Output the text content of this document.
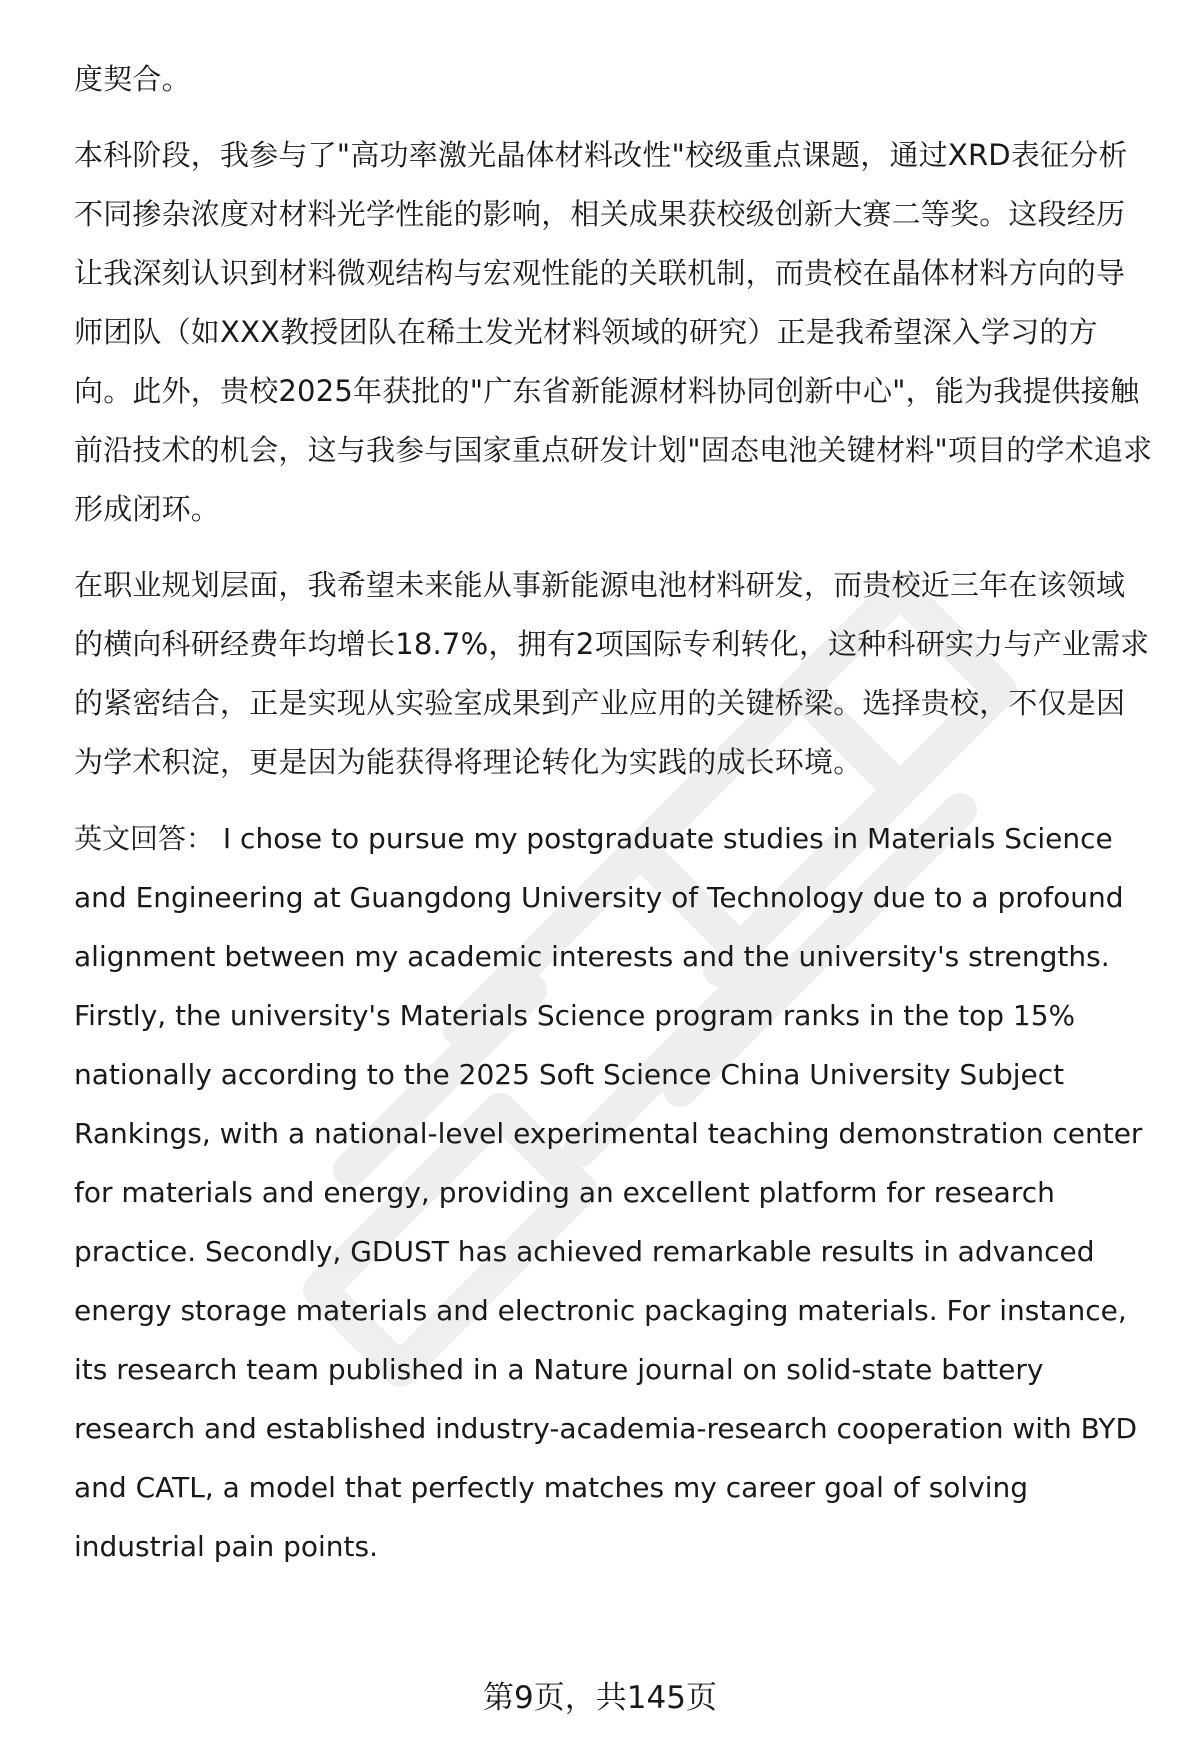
度契合。

本科阶段，我参与了"高功率激光晶体材料改性"校级重点课题，通过XRD表征分析不同掺杂浓度对材料光学性能的影响，相关成果获校级创新大赛二等奖。这段经历让我深刻认识到材料微观结构与宏观性能的关联机制，而贵校在晶体材料方向的导师团队（如XXX教授团队在稀土发光材料领域的研究）正是我希望深入学习的方向。此外，贵校2025年获批的"广东省新能源材料协同创新中心"，能为我提供接触前沿技术的机会，这与我参与国家重点研发计划"固态电池关键材料"项目的学术追求形成闭环。

在职业规划层面，我希望未来能从事新能源电池材料研发，而贵校近三年在该领域的横向科研经费年均增长18.7%，拥有2项国际专利转化，这种科研实力与产业需求的紧密结合，正是实现从实验室成果到产业应用的关键桥梁。选择贵校，不仅是因为学术积淀，更是因为能获得将理论转化为实践的成长环境。

英文回答： I chose to pursue my postgraduate studies in Materials Science and Engineering at Guangdong University of Technology due to a profound alignment between my academic interests and the university's strengths. Firstly, the university's Materials Science program ranks in the top 15% nationally according to the 2025 Soft Science China University Subject Rankings, with a national-level experimental teaching demonstration center for materials and energy, providing an excellent platform for research practice. Secondly, GDUST has achieved remarkable results in advanced energy storage materials and electronic packaging materials. For instance, its research team published in a Nature journal on solid-state battery research and established industry-academia-research cooperation with BYD and CATL, a model that perfectly matches my career goal of solving industrial pain points.

第9页，共145页
